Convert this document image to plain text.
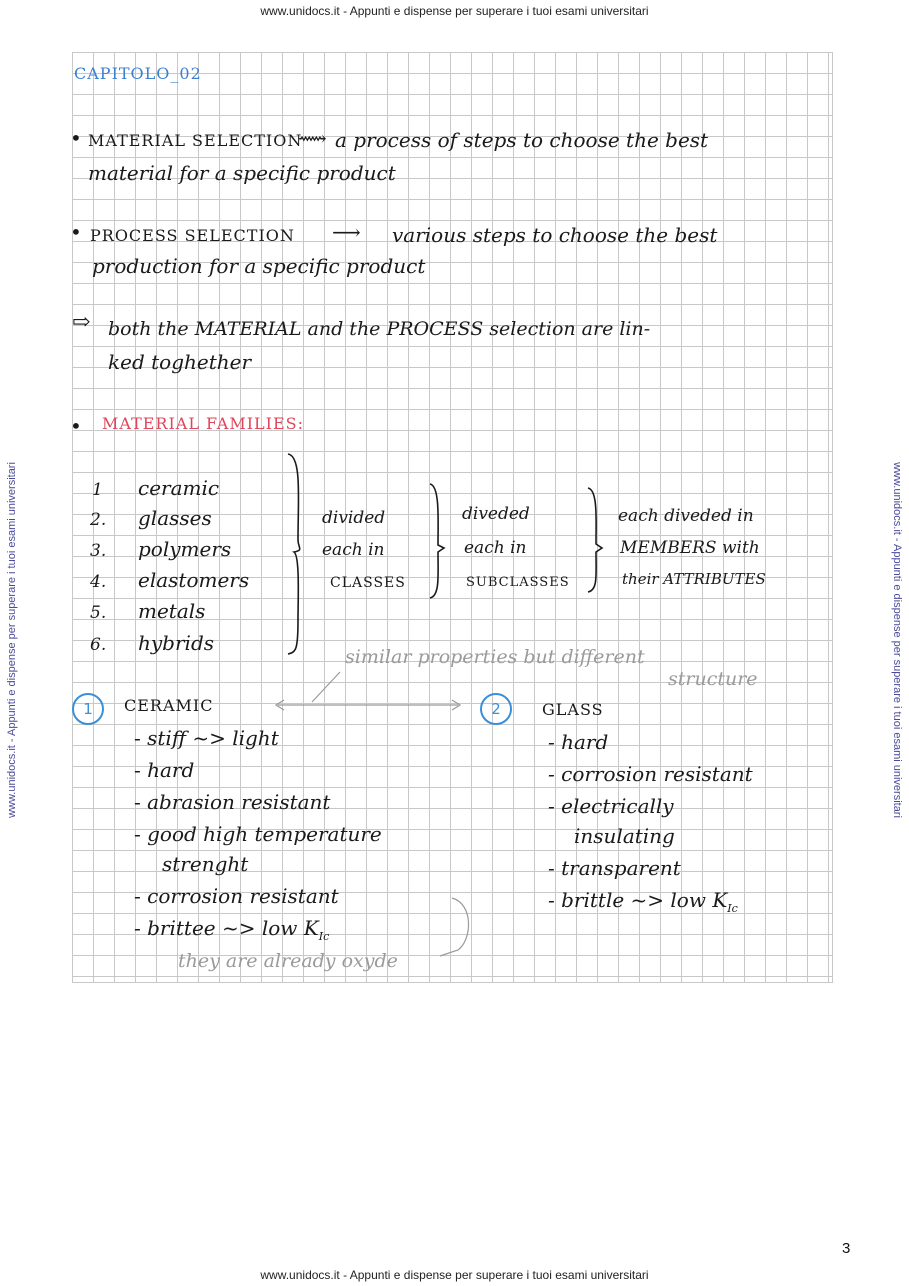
www.unidocs.it - Appunti e dispense per superare i tuoi esami universitari
www.unidocs.it - Appunti e dispense per superare i tuoi esami universitari
www.unidocs.it - Appunti e dispense per superare i tuoi esami universitari	www.unidocs.it - Appunti e dispense per superare i tuoi esami universitari
CAPITOLO_02
• MATERIAL SELECTION
⟿ a process of steps to choose the best
material for a specific product
• PROCESS SELECTION ⟶ various steps to choose the best
production for a specific product
⇨ both the MATERIAL and the PROCESS selection are lin-
ked toghether
• MATERIAL FAMILIES:
1 ceramic
2. glasses
3. polymers
4. elastomers
5. metals
6. hybrids
divided
each in
CLASSES
diveded
each in
SUBCLASSES
each diveded in
MEMBERS with
their ATTRIBUTES
similar properties but different
structure
1	CERAMIC
- stiff ~> light
- hard
- abrasion resistant
- good high temperature
strenght
- corrosion resistant
- brittee ~> low $K_{Ic}$
they are already oxyde
2	GLASS
- hard
- corrosion resistant
- electrically
insulating
- transparent
- brittle ~> low $K_{Ic}$
3
